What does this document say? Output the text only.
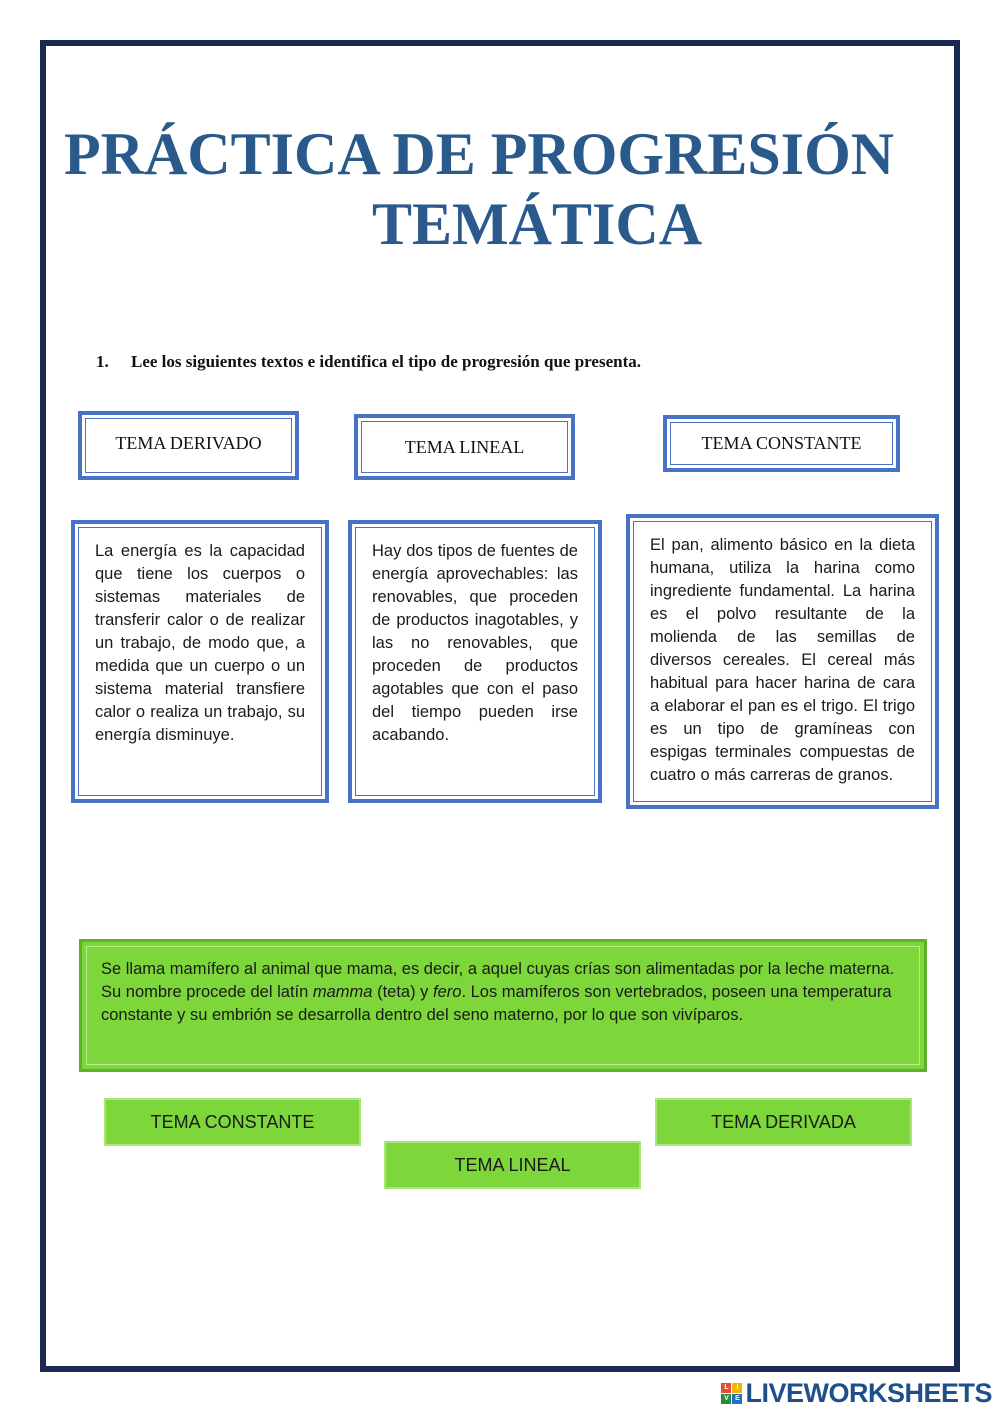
PRÁCTICA DE PROGRESIÓN
TEMÁTICA
1. Lee los siguientes textos e identifica el tipo de progresión que presenta.
TEMA DERIVADO	TEMA LINEAL	TEMA CONSTANTE
La energía es la capacidad que tiene los cuerpos o sistemas materiales de transferir calor o de realizar un trabajo, de modo que, a medida que un cuerpo o un sistema material transfiere calor o realiza un trabajo, su energía disminuye.
Hay dos tipos de fuentes de energía aprovechables: las renovables, que proceden de productos inagotables, y las no renovables, que proceden de productos agotables que con el paso del tiempo pueden irse acabando.
El pan, alimento básico en la dieta humana, utiliza la harina como ingrediente fundamental. La harina es el polvo resultante de la molienda de las semillas de diversos cereales. El cereal más habitual para hacer harina de cara a elaborar el pan es el trigo. El trigo es un tipo de gramíneas con espigas terminales compuestas de cuatro o más carreras de granos.
Se llama mamífero al animal que mama, es decir, a aquel cuyas crías son alimentadas por la leche materna. Su nombre procede del latín mamma (teta) y fero. Los mamíferos son vertebrados, poseen una temperatura constante y su embrión se desarrolla dentro del seno materno, por lo que son vivíparos.
TEMA CONSTANTE	TEMA DERIVADA
TEMA LINEAL
L	I
V E LIVEWORKSHEETS
